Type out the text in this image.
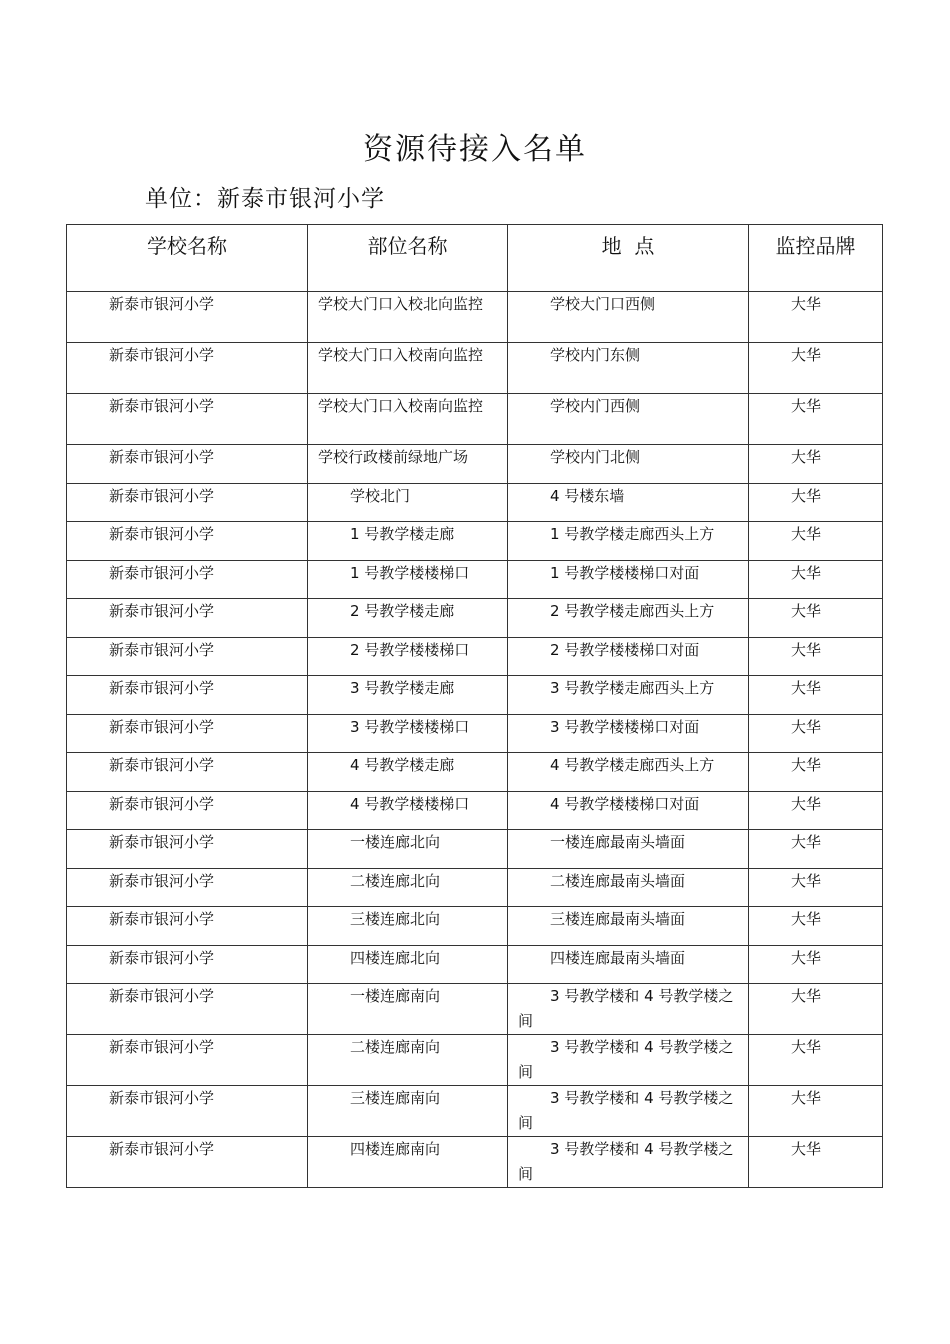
资源待接入名单
单位：新泰市银河小学
学校名称	部位名称	地  点	监控品牌
新泰市银河小学	学校大门口入校北向监控	学校大门口西侧	大华
新泰市银河小学	学校大门口入校南向监控	学校内门东侧	大华
新泰市银河小学	学校大门口入校南向监控	学校内门西侧	大华
新泰市银河小学	学校行政楼前绿地广场	学校内门北侧	大华
新泰市银河小学	学校北门	4 号楼东墙	大华
新泰市银河小学	1 号教学楼走廊	1 号教学楼走廊西头上方	大华
新泰市银河小学	1 号教学楼楼梯口	1 号教学楼楼梯口对面	大华
新泰市银河小学	2 号教学楼走廊	2 号教学楼走廊西头上方	大华
新泰市银河小学	2 号教学楼楼梯口	2 号教学楼楼梯口对面	大华
新泰市银河小学	3 号教学楼走廊	3 号教学楼走廊西头上方	大华
新泰市银河小学	3 号教学楼楼梯口	3 号教学楼楼梯口对面	大华
新泰市银河小学	4 号教学楼走廊	4 号教学楼走廊西头上方	大华
新泰市银河小学	4 号教学楼楼梯口	4 号教学楼楼梯口对面	大华
新泰市银河小学	一楼连廊北向	一楼连廊最南头墙面	大华
新泰市银河小学	二楼连廊北向	二楼连廊最南头墙面	大华
新泰市银河小学	三楼连廊北向	三楼连廊最南头墙面	大华
新泰市银河小学	四楼连廊北向	四楼连廊最南头墙面	大华
新泰市银河小学	一楼连廊南向	3 号教学楼和 4 号教学楼之间	大华
新泰市银河小学	二楼连廊南向	3 号教学楼和 4 号教学楼之间	大华
新泰市银河小学	三楼连廊南向	3 号教学楼和 4 号教学楼之间	大华
新泰市银河小学	四楼连廊南向	3 号教学楼和 4 号教学楼之间	大华
